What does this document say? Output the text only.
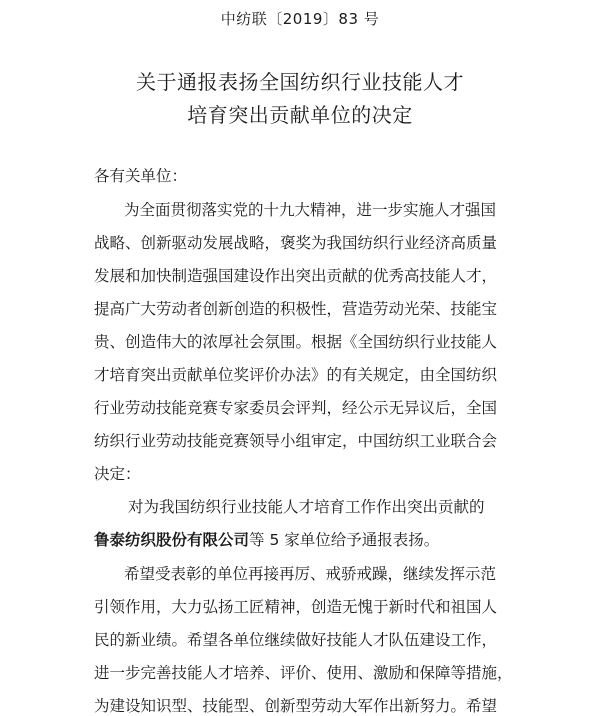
中纺联〔2019〕83 号
关于通报表扬全国纺织行业技能人才
培育突出贡献单位的决定
各有关单位：
为全面贯彻落实党的十九大精神，进一步实施人才强国
战略、创新驱动发展战略，褒奖为我国纺织行业经济高质量
发展和加快制造强国建设作出突出贡献的优秀高技能人才，
提高广大劳动者创新创造的积极性，营造劳动光荣、技能宝
贵、创造伟大的浓厚社会氛围。根据《全国纺织行业技能人
才培育突出贡献单位奖评价办法》的有关规定，由全国纺织
行业劳动技能竞赛专家委员会评判，经公示无异议后，全国
纺织行业劳动技能竞赛领导小组审定，中国纺织工业联合会
决定：
对为我国纺织行业技能人才培育工作作出突出贡献的
鲁泰纺织股份有限公司等 5 家单位给予通报表扬。
希望受表彰的单位再接再厉、戒骄戒躁，继续发挥示范
引领作用，大力弘扬工匠精神，创造无愧于新时代和祖国人
民的新业绩。希望各单位继续做好技能人才队伍建设工作，
进一步完善技能人才培养、评价、使用、激励和保障等措施，
为建设知识型、技能型、创新型劳动大军作出新努力。希望
